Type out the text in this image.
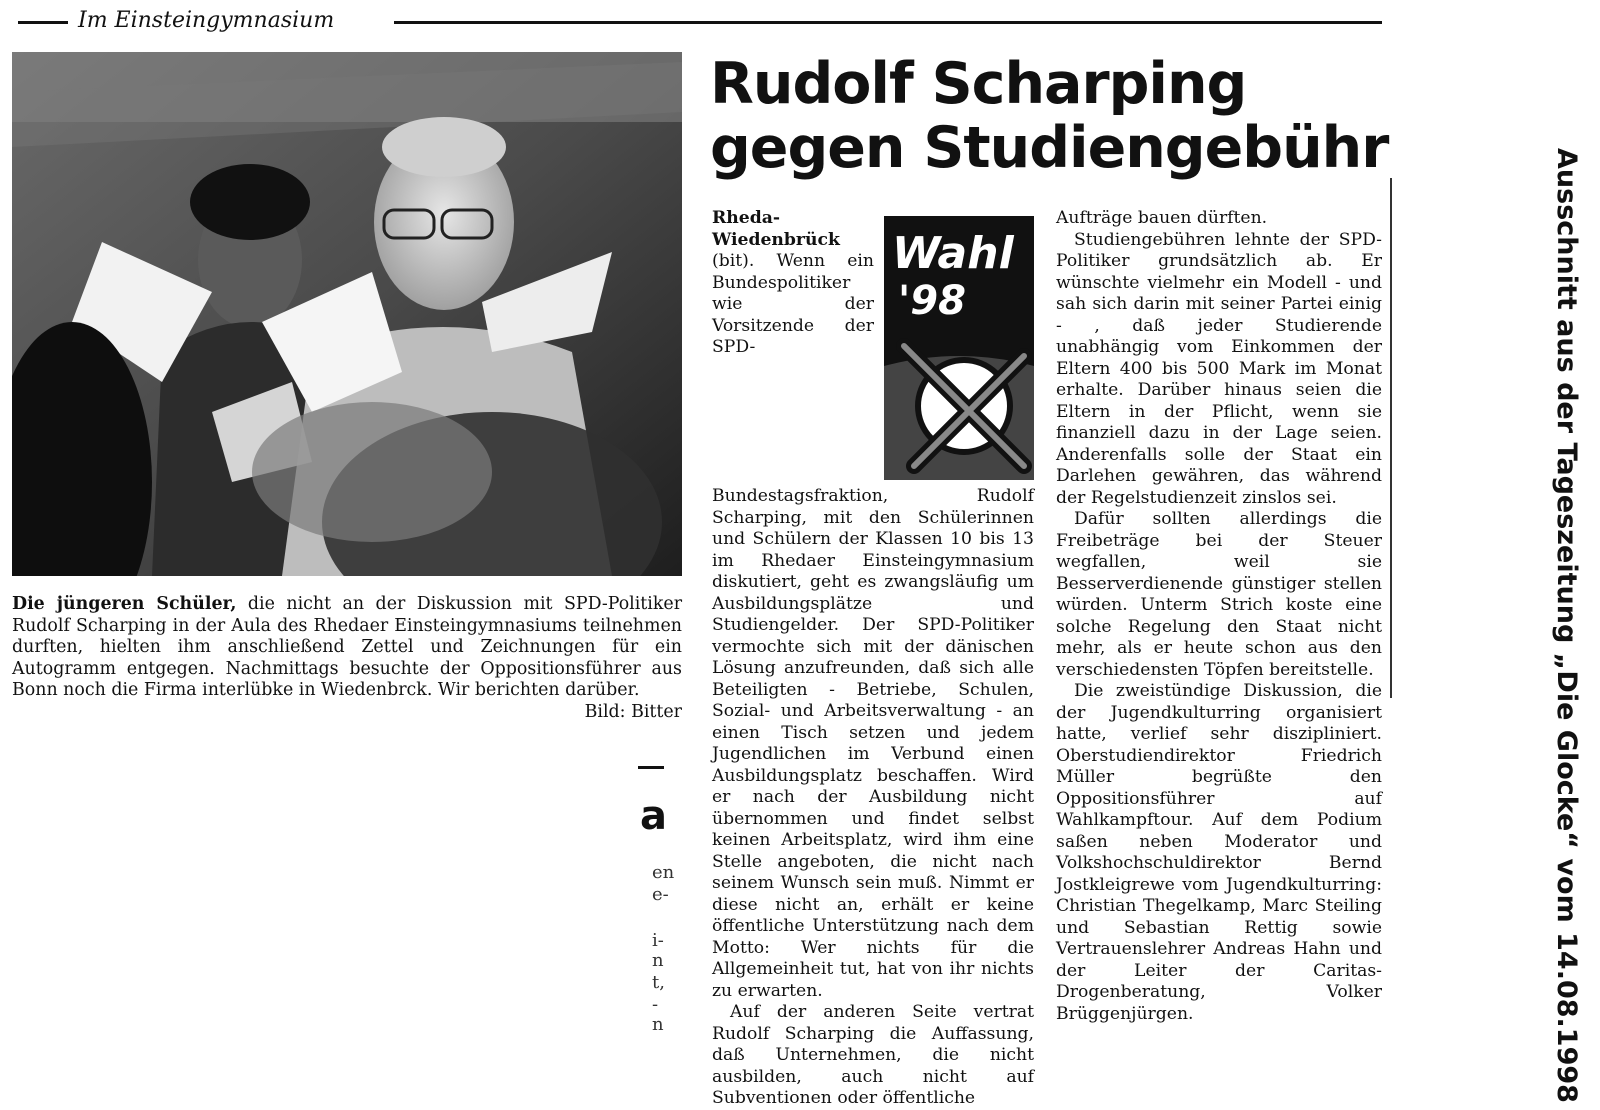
Im Einsteingymnasium
Die jüngeren Schüler, die nicht an der Diskussion mit SPD-Politiker Rudolf Scharping in der Aula des Rhedaer Einsteingymnasiums teilnehmen durften, hielten ihm anschließend Zettel und Zeichnungen für ein Autogramm entgegen. Nachmittags besuchte der Oppositionsführer aus Bonn noch die Firma interlübke in Wiedenbrck. Wir berichten darüber.
Bild: Bitter
Rudolf Scharping
gegen Studiengebühr
Wahl
'98

Rheda-Wiedenbrück (bit). Wenn ein Bundespolitiker wie der Vorsitzende der SPD-Bundestagsfraktion, Rudolf Scharping, mit den Schülerinnen und Schülern der Klassen 10 bis 13 im Rhedaer Einsteingymnasium diskutiert, geht es zwangsläufig um Ausbildungsplätze und Studiengelder. Der SPD-Politiker vermochte sich mit der dänischen Lösung anzufreunden, daß sich alle Beteiligten - Betriebe, Schulen, Sozial- und Arbeitsverwaltung - an einen Tisch setzen und jedem Jugendlichen im Verbund einen Ausbildungsplatz beschaffen. Wird er nach der Ausbildung nicht übernommen und findet selbst keinen Arbeitsplatz, wird ihm eine Stelle angeboten, die nicht nach seinem Wunsch sein muß. Nimmt er diese nicht an, erhält er keine öffentliche Unterstützung nach dem Motto: Wer nichts für die Allgemeinheit tut, hat von ihr nichts zu erwarten.

Auf der anderen Seite vertrat Rudolf Scharping die Auffassung, daß Unternehmen, die nicht ausbilden, auch nicht auf Subventionen oder öffentliche

Aufträge bauen dürften.

Studiengebühren lehnte der SPD-Politiker grundsätzlich ab. Er wünschte vielmehr ein Modell - und sah sich darin mit seiner Partei einig - , daß jeder Studierende unabhängig vom Einkommen der Eltern 400 bis 500 Mark im Monat erhalte. Darüber hinaus seien die Eltern in der Pflicht, wenn sie finanziell dazu in der Lage seien. Anderenfalls solle der Staat ein Darlehen gewähren, das während der Regelstudienzeit zinslos sei.

Dafür sollten allerdings die Freibeträge bei der Steuer wegfallen, weil sie Besserverdienende günstiger stellen würden. Unterm Strich koste eine solche Regelung den Staat nicht mehr, als er heute schon aus den verschiedensten Töpfen bereitstelle.

Die zweistündige Diskussion, die der Jugendkulturring organisiert hatte, verlief sehr diszipliniert. Oberstudiendirektor Friedrich Müller begrüßte den Oppositionsführer auf Wahlkampftour. Auf dem Podium saßen neben Moderator und Volkshochschuldirektor Bernd Jostkleigrewe vom Jugendkulturring: Christian Thegelkamp, Marc Steiling und Sebastian Rettig sowie Vertrauenslehrer Andreas Hahn und der Leiter der Caritas-Drogenberatung, Volker Brüggenjürgen.

a
en
e-
i-
n
t,
-
n	Ausschnitt aus der Tageszeitung „Die Glocke“ vom 14.08.1998
